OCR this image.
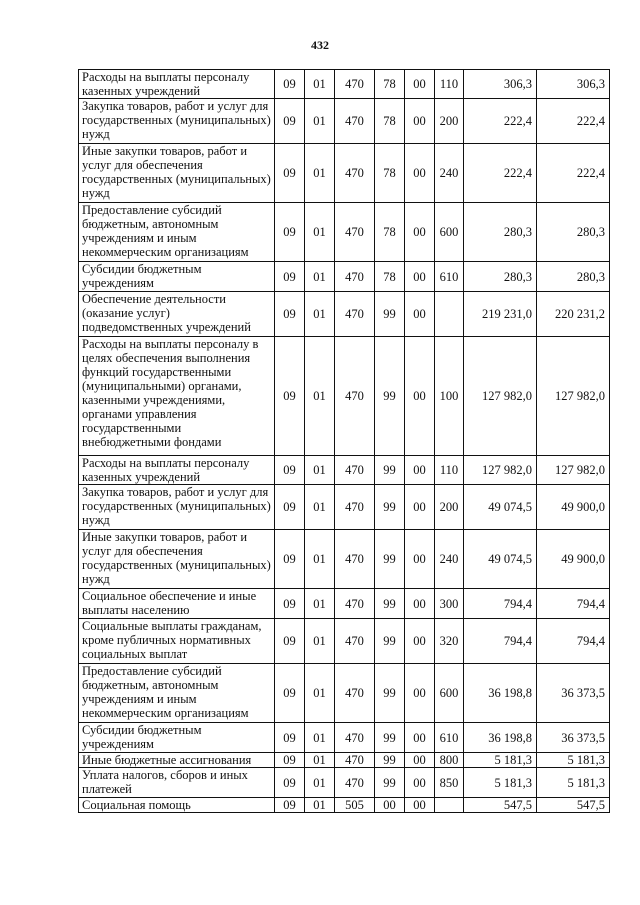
432
Расходы на выплаты персоналу казенных учреждений	09	01	470	78	00	110	306,3	306,3
Закупка товаров, работ и услуг для государственных (муниципальных) нужд	09	01	470	78	00	200	222,4	222,4
Иные закупки товаров, работ и услуг для обеспечения государственных (муниципальных) нужд	09	01	470	78	00	240	222,4	222,4
Предоставление субсидий бюджетным, автономным учреждениям и иным некоммерческим организациям	09	01	470	78	00	600	280,3	280,3
Субсидии бюджетным учреждениям	09	01	470	78	00	610	280,3	280,3
Обеспечение деятельности (оказание услуг) подведомственных учреждений	09	01	470	99	00		219 231,0	220 231,2
Расходы на выплаты персоналу в целях обеспечения выполнения функций государственными (муниципальными) органами, казенными учреждениями, органами управления государственными внебюджетными фондами	09	01	470	99	00	100	127 982,0	127 982,0
Расходы на выплаты персоналу казенных учреждений	09	01	470	99	00	110	127 982,0	127 982,0
Закупка товаров, работ и услуг для государственных (муниципальных) нужд	09	01	470	99	00	200	49 074,5	49 900,0
Иные закупки товаров, работ и услуг для обеспечения государственных (муниципальных) нужд	09	01	470	99	00	240	49 074,5	49 900,0
Социальное обеспечение и иные выплаты населению	09	01	470	99	00	300	794,4	794,4
Социальные выплаты гражданам, кроме публичных нормативных социальных выплат	09	01	470	99	00	320	794,4	794,4
Предоставление субсидий бюджетным, автономным учреждениям и иным некоммерческим организациям	09	01	470	99	00	600	36 198,8	36 373,5
Субсидии бюджетным учреждениям	09	01	470	99	00	610	36 198,8	36 373,5
Иные бюджетные ассигнования	09	01	470	99	00	800	5 181,3	5 181,3
Уплата налогов, сборов и иных платежей	09	01	470	99	00	850	5 181,3	5 181,3
Социальная помощь	09	01	505	00	00		547,5	547,5
